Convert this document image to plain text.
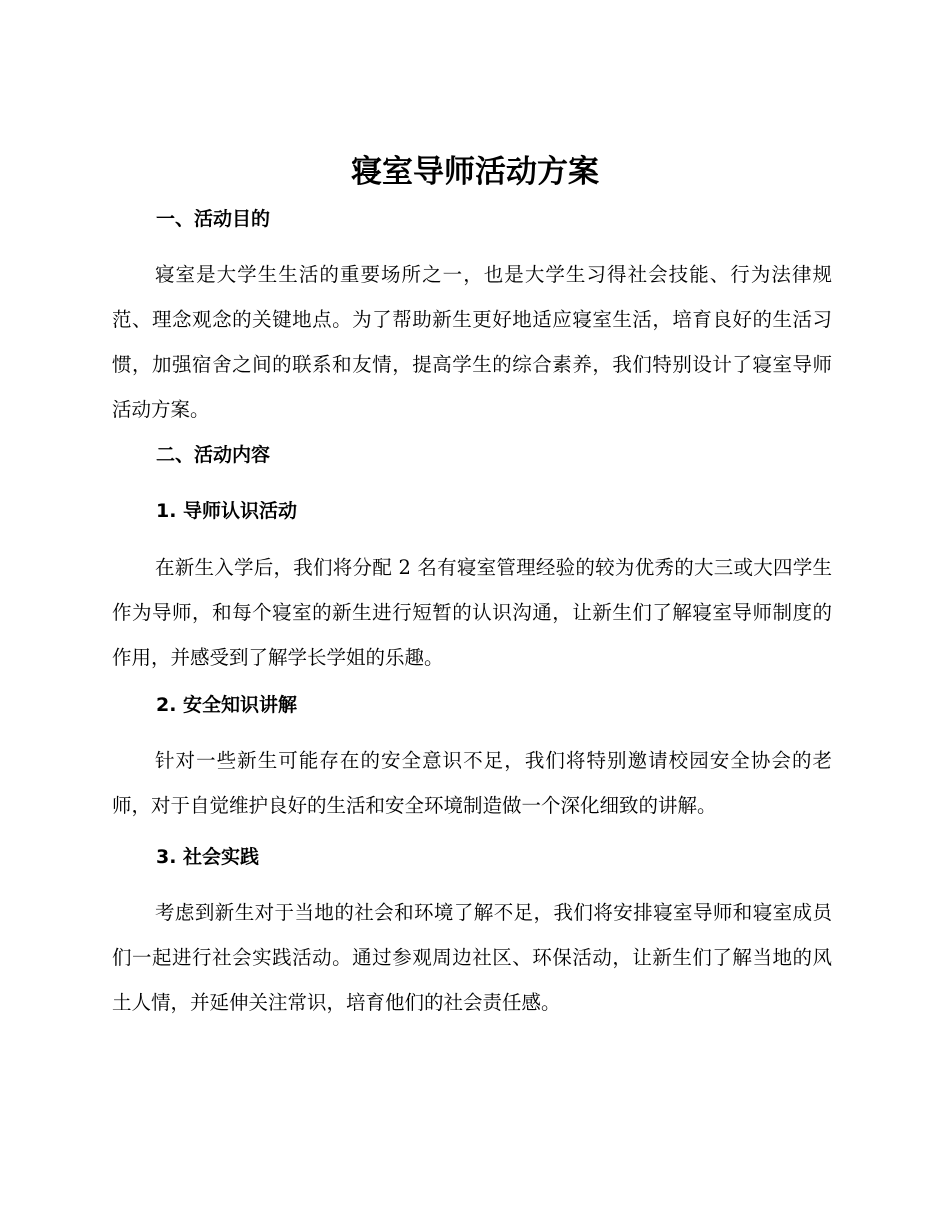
寝室导师活动方案
一、活动目的

寝室是大学生生活的重要场所之一，也是大学生习得社会技能、行为法律规范、理念观念的关键地点。为了帮助新生更好地适应寝室生活，培育良好的生活习惯，加强宿舍之间的联系和友情，提高学生的综合素养，我们特别设计了寝室导师活动方案。

二、活动内容
1. 导师认识活动

在新生入学后，我们将分配 2 名有寝室管理经验的较为优秀的大三或大四学生作为导师，和每个寝室的新生进行短暂的认识沟通，让新生们了解寝室导师制度的作用，并感受到了解学长学姐的乐趣。

2. 安全知识讲解

针对一些新生可能存在的安全意识不足，我们将特别邀请校园安全协会的老师，对于自觉维护良好的生活和安全环境制造做一个深化细致的讲解。

3. 社会实践

考虑到新生对于当地的社会和环境了解不足，我们将安排寝室导师和寝室成员们一起进行社会实践活动。通过参观周边社区、环保活动，让新生们了解当地的风土人情，并延伸关注常识，培育他们的社会责任感。
